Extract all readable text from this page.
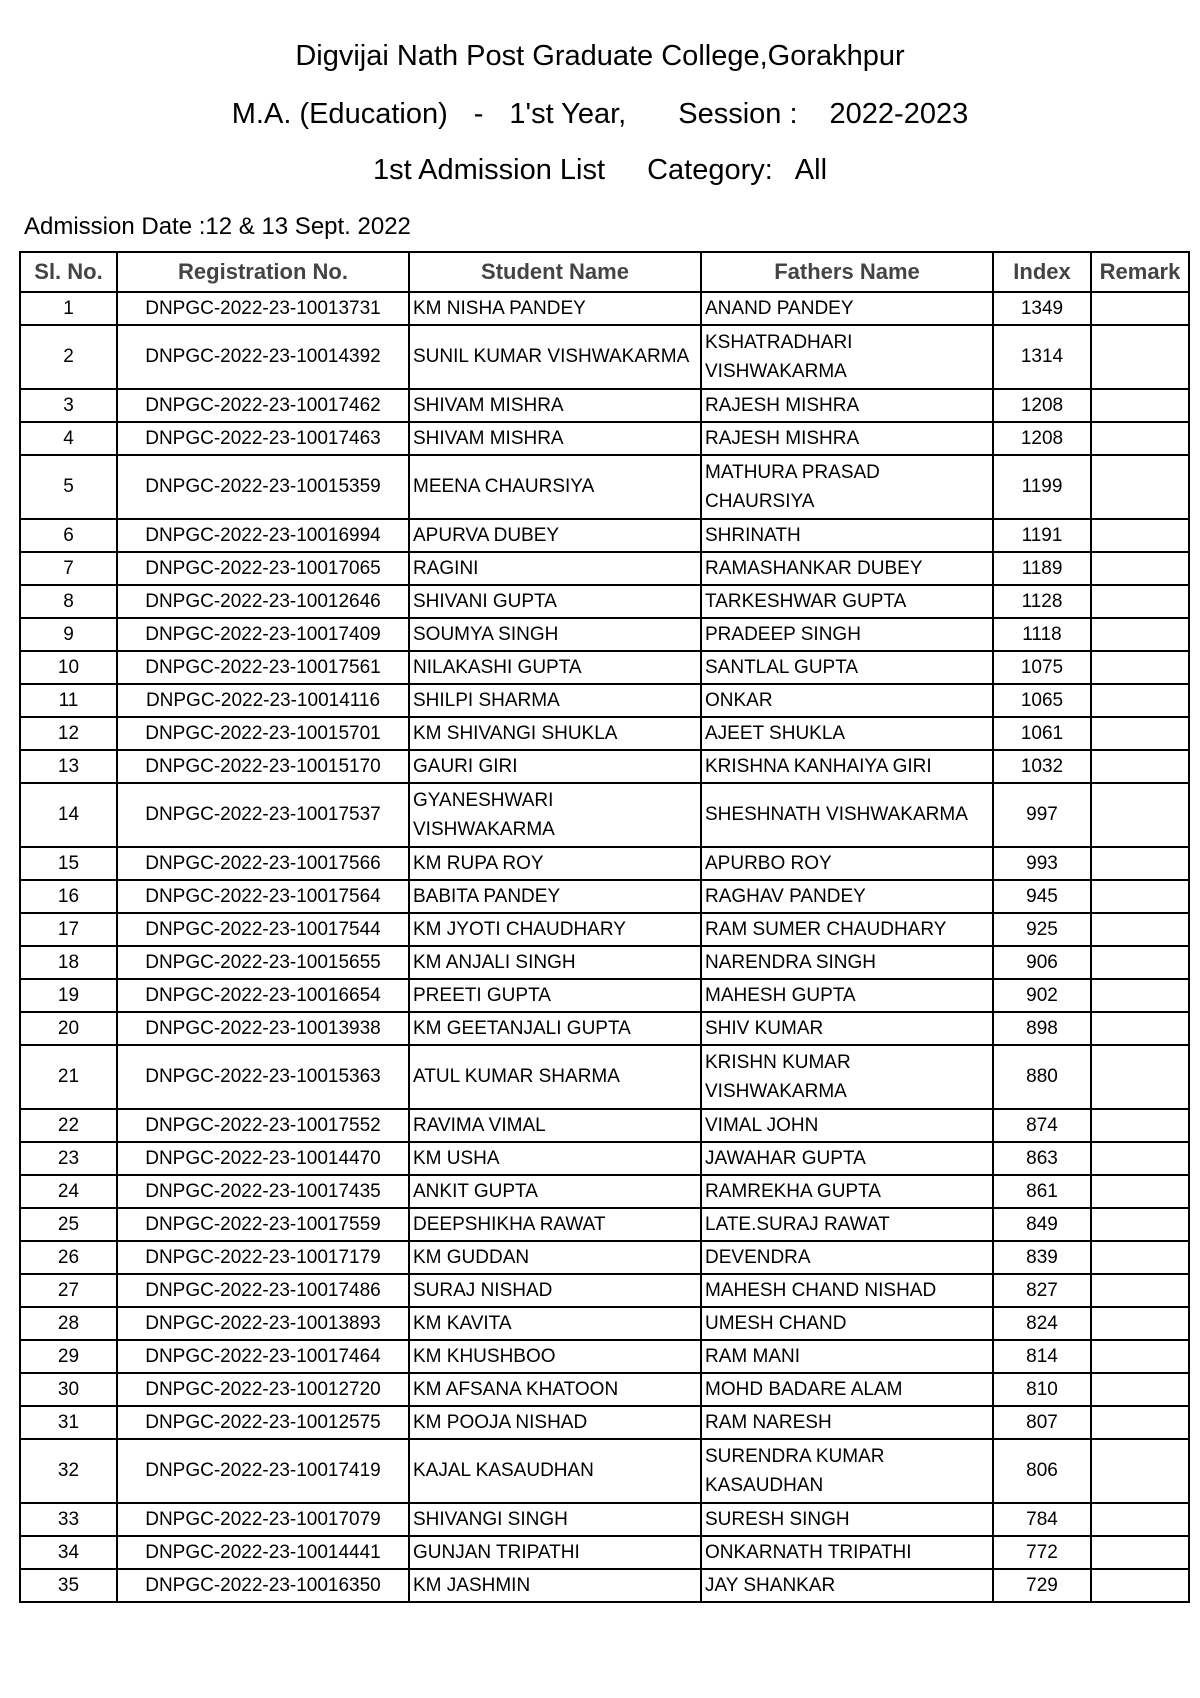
Digvijai Nath Post Graduate College,Gorakhpur
M.A. (Education) - 1'st Year, Session : 2022-2023
1st Admission List Category: All
Admission Date :12 & 13 Sept. 2022
Sl. No.	Registration No.	Student Name	Fathers Name	Index	Remark
1	DNPGC-2022-23-10013731	KM NISHA PANDEY	ANAND PANDEY	1349	
2	DNPGC-2022-23-10014392	SUNIL KUMAR VISHWAKARMA	KSHATRADHARI VISHWAKARMA	1314	
3	DNPGC-2022-23-10017462	SHIVAM MISHRA	RAJESH MISHRA	1208	
4	DNPGC-2022-23-10017463	SHIVAM MISHRA	RAJESH MISHRA	1208	
5	DNPGC-2022-23-10015359	MEENA CHAURSIYA	MATHURA PRASAD CHAURSIYA	1199	
6	DNPGC-2022-23-10016994	APURVA DUBEY	SHRINATH	1191	
7	DNPGC-2022-23-10017065	RAGINI	RAMASHANKAR DUBEY	1189	
8	DNPGC-2022-23-10012646	SHIVANI GUPTA	TARKESHWAR GUPTA	1128	
9	DNPGC-2022-23-10017409	SOUMYA SINGH	PRADEEP SINGH	1118	
10	DNPGC-2022-23-10017561	NILAKASHI GUPTA	SANTLAL GUPTA	1075	
11	DNPGC-2022-23-10014116	SHILPI SHARMA	ONKAR	1065	
12	DNPGC-2022-23-10015701	KM SHIVANGI SHUKLA	AJEET SHUKLA	1061	
13	DNPGC-2022-23-10015170	GAURI GIRI	KRISHNA KANHAIYA GIRI	1032	
14	DNPGC-2022-23-10017537	GYANESHWARI VISHWAKARMA	SHESHNATH VISHWAKARMA	997	
15	DNPGC-2022-23-10017566	KM RUPA ROY	APURBO ROY	993	
16	DNPGC-2022-23-10017564	BABITA PANDEY	RAGHAV PANDEY	945	
17	DNPGC-2022-23-10017544	KM JYOTI CHAUDHARY	RAM SUMER CHAUDHARY	925	
18	DNPGC-2022-23-10015655	KM ANJALI SINGH	NARENDRA SINGH	906	
19	DNPGC-2022-23-10016654	PREETI GUPTA	MAHESH GUPTA	902	
20	DNPGC-2022-23-10013938	KM GEETANJALI GUPTA	SHIV KUMAR	898	
21	DNPGC-2022-23-10015363	ATUL KUMAR SHARMA	KRISHN KUMAR VISHWAKARMA	880	
22	DNPGC-2022-23-10017552	RAVIMA VIMAL	VIMAL JOHN	874	
23	DNPGC-2022-23-10014470	KM USHA	JAWAHAR GUPTA	863	
24	DNPGC-2022-23-10017435	ANKIT GUPTA	RAMREKHA GUPTA	861	
25	DNPGC-2022-23-10017559	DEEPSHIKHA RAWAT	LATE.SURAJ RAWAT	849	
26	DNPGC-2022-23-10017179	KM GUDDAN	DEVENDRA	839	
27	DNPGC-2022-23-10017486	SURAJ NISHAD	MAHESH CHAND NISHAD	827	
28	DNPGC-2022-23-10013893	KM KAVITA	UMESH CHAND	824	
29	DNPGC-2022-23-10017464	KM KHUSHBOO	RAM MANI	814	
30	DNPGC-2022-23-10012720	KM AFSANA KHATOON	MOHD BADARE ALAM	810	
31	DNPGC-2022-23-10012575	KM POOJA NISHAD	RAM NARESH	807	
32	DNPGC-2022-23-10017419	KAJAL KASAUDHAN	SURENDRA KUMAR KASAUDHAN	806	
33	DNPGC-2022-23-10017079	SHIVANGI SINGH	SURESH SINGH	784	
34	DNPGC-2022-23-10014441	GUNJAN TRIPATHI	ONKARNATH TRIPATHI	772	
35	DNPGC-2022-23-10016350	KM JASHMIN	JAY SHANKAR	729	
